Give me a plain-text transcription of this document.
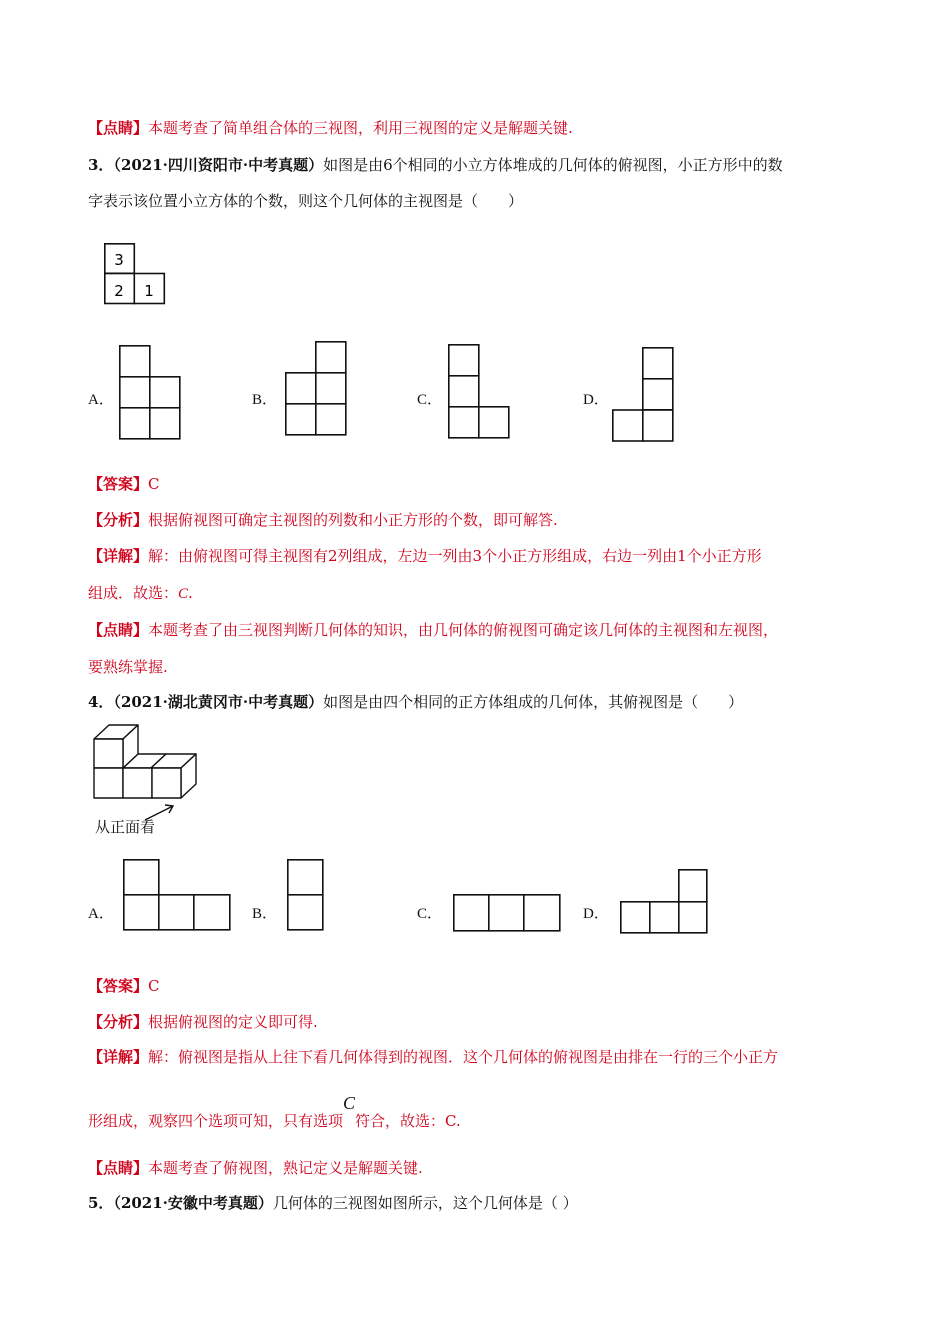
【点睛】本题考查了简单组合体的三视图，利用三视图的定义是解题关键.
3．（2021·四川资阳市·中考真题）如图是由6个相同的小立方体堆成的几何体的俯视图，小正方形中的数
字表示该位置小立方体的个数，则这个几何体的主视图是（　　）
3
2 1
A．	B．	C．	D．
【答案】C
【分析】根据俯视图可确定主视图的列数和小正方形的个数，即可解答.
【详解】解：由俯视图可得主视图有2列组成，左边一列由3个小正方形组成，右边一列由1个小正方形
组成．故选：C.
【点睛】本题考查了由三视图判断几何体的知识，由几何体的俯视图可确定该几何体的主视图和左视图，
要熟练掌握.
4．（2021·湖北黄冈市·中考真题）如图是由四个相同的正方体组成的几何体，其俯视图是（　　）
从正面看
A．	B．	C．	D．
【答案】C
【分析】根据俯视图的定义即可得.
【详解】解：俯视图是指从上往下看几何体得到的视图．这个几何体的俯视图是由排在一行的三个小正方
形组成，观察四个选项可知，只有选项C符合，故选：C.
【点睛】本题考查了俯视图，熟记定义是解题关键.
5．（2021·安徽中考真题）几何体的三视图如图所示，这个几何体是（ ）
